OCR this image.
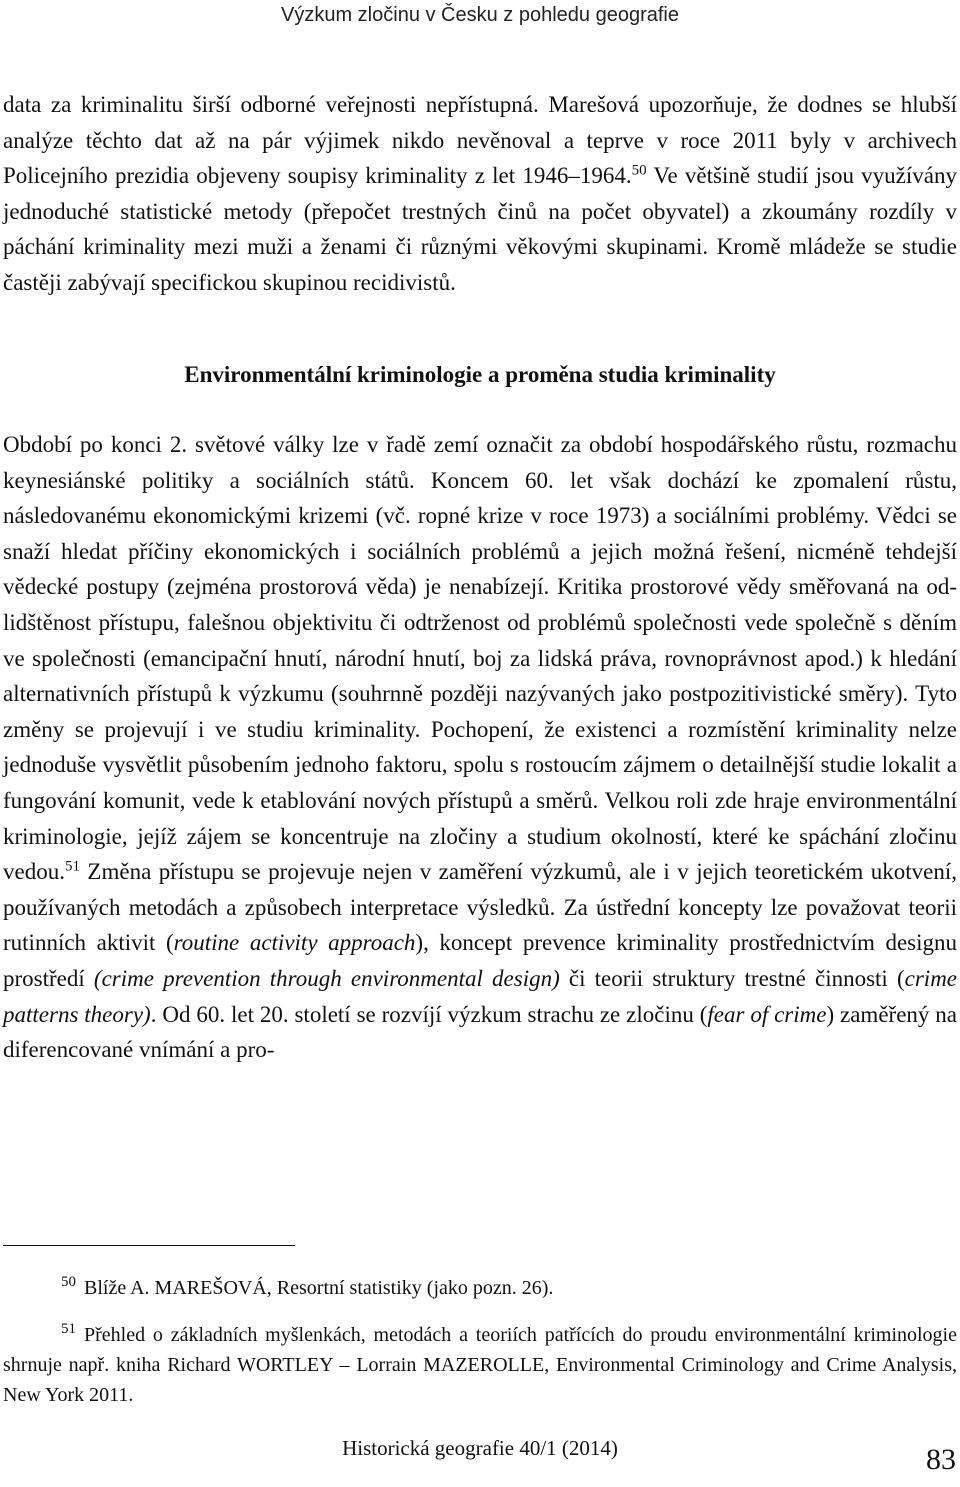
Výzkum zločinu v Česku z pohledu geografie

data za kriminalitu širší odborné veřejnosti nepřístupná. Marešová upozorňuje, že dodnes se hlubší analýze těchto dat až na pár výjimek nikdo nevěnoval a teprve v roce 2011 byly v archivech Policejního prezidia objeveny soupisy kriminality z let 1946–1964.50 Ve většině studií jsou využívány jednoduché statistické metody (přepočet trestných činů na počet obyvatel) a zkoumány rozdíly v páchání kriminality mezi muži a ženami či různými věkovými skupinami. Kromě mládeže se studie častěji zabývají specifickou skupinou recidivistů.

Environmentální kriminologie a proměna studia kriminality

Období po konci 2. světové války lze v řadě zemí označit za období hospodářského růstu, rozmachu keynesiánské politiky a sociálních států. Koncem 60. let však dochází ke zpomalení růstu, následovanému ekonomickými krizemi (vč. ropné krize v roce 1973) a sociálními problémy. Vědci se snaží hledat příčiny ekonomických i sociálních problémů a jejich možná řešení, nicméně tehdejší vědecké postupy (zejména prostorová věda) je nenabízejí. Kritika prostorové vědy směřovaná na odlidštěnost přístupu, falešnou objektivitu či odtrženost od problémů společnosti vede společně s děním ve společnosti (emancipační hnutí, národní hnutí, boj za lidská práva, rovnoprávnost apod.) k hledání alternativních přístupů k výzkumu (souhrnně později nazývaných jako postpozitivistické směry). Tyto změny se projevují i ve studiu kriminality. Pochopení, že existenci a rozmístění kriminality nelze jednoduše vysvětlit působením jednoho faktoru, spolu s rostoucím zájmem o detailnější studie lokalit a fungování komunit, vede k etablování nových přístupů a směrů. Velkou roli zde hraje environmentální kriminologie, jejíž zájem se koncentruje na zločiny a studium okolností, které ke spáchání zločinu vedou.$^{51}$ Změna přístupu se projevuje nejen v zaměření výzkumů, ale i v jejich teoretickém ukotvení, používaných metodách a způsobech interpretace výsledků. Za ústřední koncepty lze považovat teorii rutinních aktivit (routine activity approach), koncept prevence kriminality prostřednictvím designu prostředí (crime prevention through environmental design) či teorii struktury trestné činnosti (crime patterns theory). Od 60. let 20. století se rozvíjí výzkum strachu ze zločinu (fear of crime) zaměřený na diferencované vnímání a pro-

$^{50}$ Blíže A. MAREŠOVÁ, Resortní statistiky (jako pozn. 26).

$^{51}$ Přehled o základních myšlenkách, metodách a teoriích patřících do proudu environmentální kriminologie shrnuje např. kniha Richard WORTLEY – Lorrain MAZEROLLE, Environmental Criminology and Crime Analysis, New York 2011.

Historická geografie 40/1 (2014)	83
